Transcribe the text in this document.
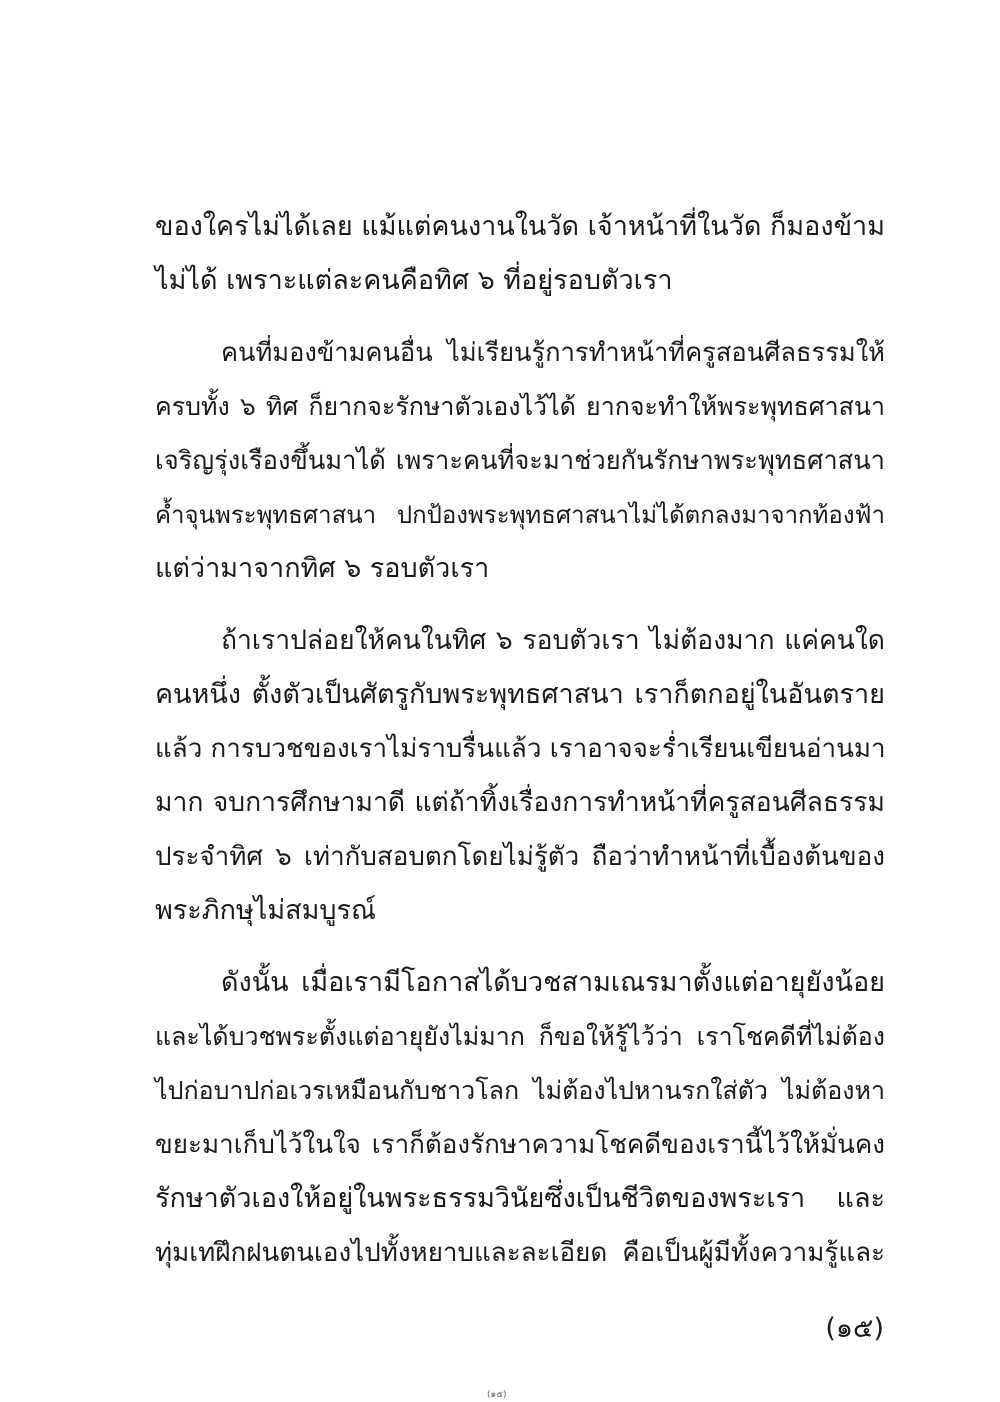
ของใครไม่ได้เลย แม้แต่คนงานในวัด เจ้าหน้าที่ในวัด ก็มองข้าม
ไม่ได้ เพราะแต่ละคนคือทิศ ๖ ที่อยู่รอบตัวเรา
คนที่มองข้ามคนอื่น ไม่เรียนรู้การทำหน้าที่ครูสอนศีลธรรมให้
ครบทั้ง ๖ ทิศ ก็ยากจะรักษาตัวเองไว้ได้ ยากจะทำให้พระพุทธศาสนา
เจริญรุ่งเรืองขึ้นมาได้ เพราะคนที่จะมาช่วยกันรักษาพระพุทธศาสนา
ค้ำจุนพระพุทธศาสนา ปกป้องพระพุทธศาสนาไม่ได้ตกลงมาจากท้องฟ้า
แต่ว่ามาจากทิศ ๖ รอบตัวเรา
ถ้าเราปล่อยให้คนในทิศ ๖ รอบตัวเรา ไม่ต้องมาก แค่คนใด
คนหนึ่ง ตั้งตัวเป็นศัตรูกับพระพุทธศาสนา เราก็ตกอยู่ในอันตราย
แล้ว การบวชของเราไม่ราบรื่นแล้ว เราอาจจะร่ำเรียนเขียนอ่านมา
มาก จบการศึกษามาดี แต่ถ้าทิ้งเรื่องการทำหน้าที่ครูสอนศีลธรรม
ประจำทิศ ๖ เท่ากับสอบตกโดยไม่รู้ตัว ถือว่าทำหน้าที่เบื้องต้นของ
พระภิกษุไม่สมบูรณ์
ดังนั้น เมื่อเรามีโอกาสได้บวชสามเณรมาตั้งแต่อายุยังน้อย
และได้บวชพระตั้งแต่อายุยังไม่มาก ก็ขอให้รู้ไว้ว่า เราโชคดีที่ไม่ต้อง
ไปก่อบาปก่อเวรเหมือนกับชาวโลก ไม่ต้องไปหานรกใส่ตัว ไม่ต้องหา
ขยะมาเก็บไว้ในใจ เราก็ต้องรักษาความโชคดีของเรานี้ไว้ให้มั่นคง
รักษาตัวเองให้อยู่ในพระธรรมวินัยซึ่งเป็นชีวิตของพระเรา และ
ทุ่มเทฝึกฝนตนเองไปทั้งหยาบและละเอียด คือเป็นผู้มีทั้งความรู้และ
(๑๕)
(๑๕)
